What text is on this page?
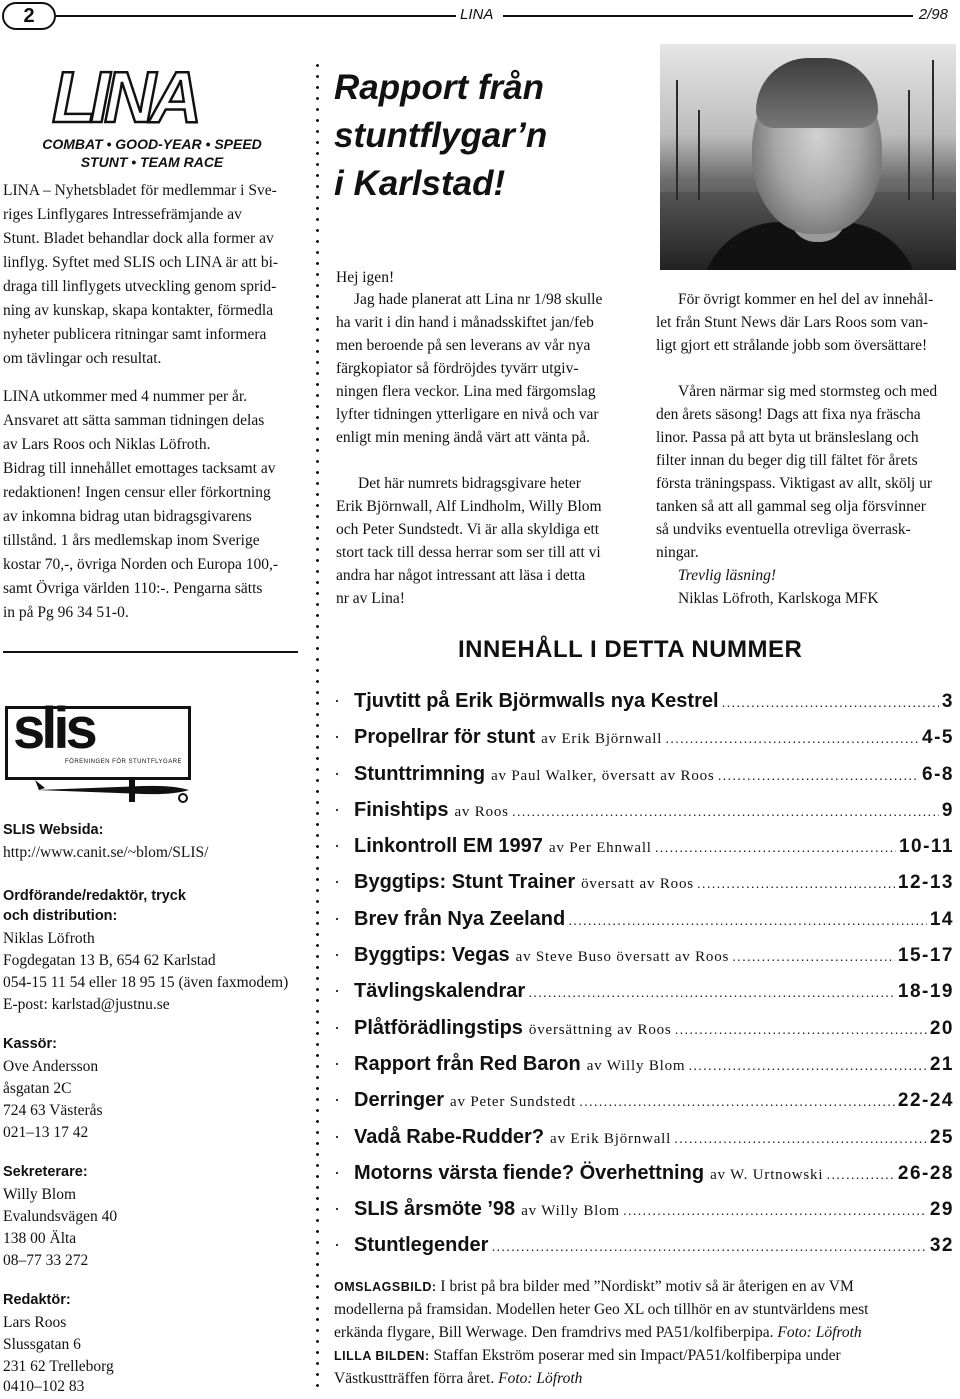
2	LINA	2/98
LINA
COMBAT • GOOD-YEAR • SPEED
STUNT • TEAM RACE
LINA – Nyhetsbladet för medlemmar i Sve-
riges Linflygares Intressefrämjande av
Stunt. Bladet behandlar dock alla former av
linflyg. Syftet med SLIS och LINA är att bi-
draga till linflygets utveckling genom sprid-
ning av kunskap, skapa kontakter, förmedla
nyheter publicera ritningar samt informera
om tävlingar och resultat.
LINA utkommer med 4 nummer per år.
Ansvaret att sätta samman tidningen delas
av Lars Roos och Niklas Löfroth.
Bidrag till innehållet emottages tacksamt av
redaktionen! Ingen censur eller förkortning
av inkomna bidrag utan bidragsgivarens
tillstånd. 1 års medlemskap inom Sverige
kostar 70,-, övriga Norden och Europa 100,-
samt Övriga världen 110:-. Pengarna sätts
in på Pg 96 34 51-0.
slis
FÖRENINGEN FÖR STUNTFLYGARE
SLIS Websida:
http://www.canit.se/~blom/SLIS/
Ordförande/redaktör, tryck
och distribution:
Niklas Löfroth
Fogdegatan 13 B, 654 62 Karlstad
054-15 11 54 eller 18 95 15 (även faxmodem)
E-post: karlstad@justnu.se
Kassör:
Ove Andersson
åsgatan 2C
724 63 Västerås
021–13 17 42
Sekreterare:
Willy Blom
Evalundsvägen 40
138 00 Älta
08–77 33 272
Redaktör:
Lars Roos
Slussgatan 6
231 62 Trelleborg
0410–102 83
Rapport från
stuntflygar’n
i Karlstad!
Hej igen!
Jag hade planerat att Lina nr 1/98 skulle
ha varit i din hand i månadsskiftet jan/feb
men beroende på sen leverans av vår nya
färgkopiator så fördröjdes tyvärr utgiv-
ningen flera veckor. Lina med färgomslag
lyfter tidningen ytterligare en nivå och var
enligt min mening ändå värt att vänta på.
Det här numrets bidragsgivare heter
Erik Björnwall, Alf Lindholm, Willy Blom
och Peter Sundstedt. Vi är alla skyldiga ett
stort tack till dessa herrar som ser till att vi
andra har något intressant att läsa i detta
nr av Lina!
För övrigt kommer en hel del av innehål-
let från Stunt News där Lars Roos som van-
ligt gjort ett strålande jobb som översättare!
Våren närmar sig med stormsteg och med
den årets säsong! Dags att fixa nya fräscha
linor. Passa på att byta ut bränsleslang och
filter innan du beger dig till fältet för årets
första träningspass. Viktigast av allt, skölj ur
tanken så att all gammal seg olja försvinner
så undviks eventuella otrevliga överrask-
ningar.
Trevlig läsning!
Niklas Löfroth, Karlskoga MFK
INNEHÅLL I DETTA NUMMER
· Tjuvtitt på Erik Björmwalls nya Kestrel .....	3
· Propellrar för stunt av Erik Björnwall .....	4-5
· Stunttrimning av Paul Walker, översatt av Roos .....	6-8
· Finishtips av Roos .....	9
· Linkontroll EM 1997 av Per Ehnwall .....	10-11
· Byggtips: Stunt Trainer översatt av Roos .....	12-13
· Brev från Nya Zeeland .....	14
· Byggtips: Vegas av Steve Buso översatt av Roos .....	15-17
· Tävlingskalendrar .....	18-19
· Plåtförädlingstips översättning av Roos .....	20
· Rapport från Red Baron av Willy Blom .....	21
· Derringer av Peter Sundstedt .....	22-24
· Vadå Rabe-Rudder? av Erik Björnwall .....	25
· Motorns värsta fiende? Överhettning av W. Urtnowski .....	26-28
· SLIS årsmöte ’98 av Willy Blom .....	29
· Stuntlegender .....	32
OMSLAGSBILD: I brist på bra bilder med ”Nordiskt” motiv så är återigen en av VM
modellerna på framsidan. Modellen heter Geo XL och tillhör en av stuntvärldens mest
erkända flygare, Bill Werwage. Den framdrivs med PA51/kolfiberpipa. Foto: Löfroth
LILLA BILDEN: Staffan Ekström poserar med sin Impact/PA51/kolfiberpipa under
Västkustträffen förra året. Foto: Löfroth
